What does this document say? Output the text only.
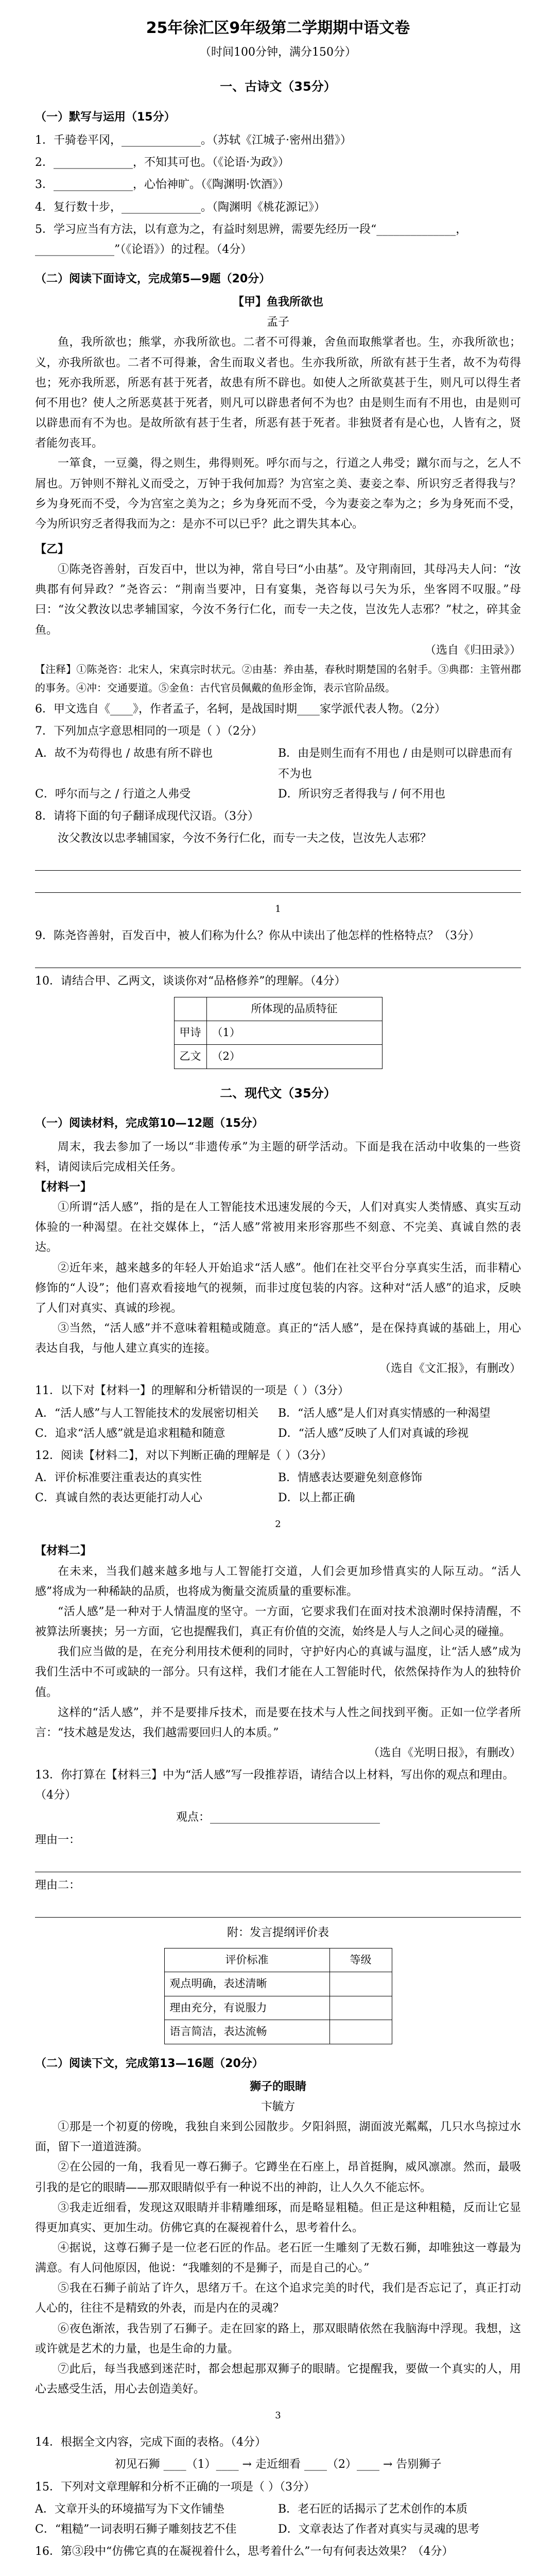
25年徐汇区9年级第二学期期中语文卷

（时间100分钟，满分150分）

一、古诗文（35分）

（一）默写与运用（15分）

1．千骑卷平冈，______________。（苏轼《江城子·密州出猎》）

2．______________，不知其可也。（《论语·为政》）

3．______________，心怡神旷。（《陶渊明·饮酒》）

4．复行数十步，______________。（陶渊明《桃花源记》）

5．学习应当有方法，以有意为之，有益时刻思辨，需要先经历一段“______________，______________”（《论语》）的过程。（4分）

（二）阅读下面诗文，完成第5—9题（20分）

【甲】鱼我所欲也

孟子

鱼，我所欲也；熊掌，亦我所欲也。二者不可得兼，舍鱼而取熊掌者也。生，亦我所欲也；义，亦我所欲也。二者不可得兼，舍生而取义者也。生亦我所欲，所欲有甚于生者，故不为苟得也；死亦我所恶，所恶有甚于死者，故患有所不辟也。如使人之所欲莫甚于生，则凡可以得生者何不用也？使人之所恶莫甚于死者，则凡可以辟患者何不为也？由是则生而有不用也，由是则可以辟患而有不为也。是故所欲有甚于生者，所恶有甚于死者。非独贤者有是心也，人皆有之，贤者能勿丧耳。

一箪食，一豆羹，得之则生，弗得则死。呼尔而与之，行道之人弗受；蹴尔而与之，乞人不屑也。万钟则不辩礼义而受之，万钟于我何加焉？为宫室之美、妻妾之奉、所识穷乏者得我与？乡为身死而不受，今为宫室之美为之；乡为身死而不受，今为妻妾之奉为之；乡为身死而不受，今为所识穷乏者得我而为之：是亦不可以已乎？此之谓失其本心。

【乙】

①陈尧咨善射，百发百中，世以为神，常自号曰“小由基”。及守荆南回，其母冯夫人问：“汝典郡有何异政？”尧咨云：“荆南当要冲，日有宴集，尧咨每以弓矢为乐，坐客罔不叹服。”母曰：“汝父教汝以忠孝辅国家，今汝不务行仁化，而专一夫之伎，岂汝先人志邪？”杖之，碎其金鱼。

（选自《归田录》）

【注释】①陈尧咨：北宋人，宋真宗时状元。②由基：养由基，春秋时期楚国的名射手。③典郡：主管州郡的事务。④冲：交通要道。⑤金鱼：古代官员佩戴的鱼形金饰，表示官阶品级。

6．甲文选自《____》，作者孟子，名轲，是战国时期____家学派代表人物。（2分）

7．下列加点字意思相同的一项是（ ）（2分）

A．故不为苟得也 / 故患有所不辟也	B．由是则生而有不用也 / 由是则可以辟患而有不为也
C．呼尔而与之 / 行道之人弗受	D．所识穷乏者得我与 / 何不用也

8．请将下面的句子翻译成现代汉语。（3分）

汝父教汝以忠孝辅国家，今汝不务行仁化，而专一夫之伎，岂汝先人志邪？

1

9．陈尧咨善射，百发百中，被人们称为什么？你从中读出了他怎样的性格特点？（3分）

10．请结合甲、乙两文，谈谈你对“品格修养”的理解。（4分）

	所体现的品质特征
甲诗	（1）
乙文	（2）
二、现代文（35分）

（一）阅读材料，完成第10—12题（15分）

周末，我去参加了一场以“非遗传承”为主题的研学活动。下面是我在活动中收集的一些资料，请阅读后完成相关任务。

【材料一】

①所谓“活人感”，指的是在人工智能技术迅速发展的今天，人们对真实人类情感、真实互动体验的一种渴望。在社交媒体上，“活人感”常被用来形容那些不刻意、不完美、真诚自然的表达。

②近年来，越来越多的年轻人开始追求“活人感”。他们在社交平台分享真实生活，而非精心修饰的“人设”；他们喜欢看接地气的视频，而非过度包装的内容。这种对“活人感”的追求，反映了人们对真实、真诚的珍视。

③当然，“活人感”并不意味着粗糙或随意。真正的“活人感”，是在保持真诚的基础上，用心表达自我，与他人建立真实的连接。

（选自《文汇报》，有删改）

11．以下对【材料一】的理解和分析错误的一项是（ ）（3分）

A．“活人感”与人工智能技术的发展密切相关	B．“活人感”是人们对真实情感的一种渴望
C．追求“活人感”就是追求粗糙和随意	D．“活人感”反映了人们对真诚的珍视

12．阅读【材料二】，对以下判断正确的理解是（ ）（3分）

A．评价标准要注重表达的真实性	B．情感表达要避免刻意修饰
C．真诚自然的表达更能打动人心	D．以上都正确
2

【材料二】

在未来，当我们越来越多地与人工智能打交道，人们会更加珍惜真实的人际互动。“活人感”将成为一种稀缺的品质，也将成为衡量交流质量的重要标准。

“活人感”是一种对于人情温度的坚守。一方面，它要求我们在面对技术浪潮时保持清醒，不被算法所裹挟；另一方面，它也提醒我们，真正有价值的交流，始终是人与人之间心灵的碰撞。

我们应当做的是，在充分利用技术便利的同时，守护好内心的真诚与温度，让“活人感”成为我们生活中不可或缺的一部分。只有这样，我们才能在人工智能时代，依然保持作为人的独特价值。

这样的“活人感”，并不是要排斥技术，而是要在技术与人性之间找到平衡。正如一位学者所言：“技术越是发达，我们越需要回归人的本质。”

（选自《光明日报》，有删改）

13．你打算在【材料三】中为“活人感”写一段推荐语，请结合以上材料，写出你的观点和理由。（4分）

观点：______________________________

理由一：

理由二：

附：发言提纲评价表

评价标准	等级
观点明确，表述清晰	
理由充分，有说服力	
语言简洁，表达流畅	

（二）阅读下文，完成第13—16题（20分）

狮子的眼睛

卞毓方

①那是一个初夏的傍晚，我独自来到公园散步。夕阳斜照，湖面波光粼粼，几只水鸟掠过水面，留下一道道涟漪。

②在公园的一角，我看见一尊石狮子。它蹲坐在石座上，昂首挺胸，威风凛凛。然而，最吸引我的是它的眼睛——那双眼睛似乎有一种说不出的神韵，让人久久不能忘怀。

③我走近细看，发现这双眼睛并非精雕细琢，而是略显粗糙。但正是这种粗糙，反而让它显得更加真实、更加生动。仿佛它真的在凝视着什么，思考着什么。

④据说，这尊石狮子是一位老石匠的作品。老石匠一生雕刻了无数石狮，却唯独这一尊最为满意。有人问他原因，他说：“我雕刻的不是狮子，而是自己的心。”

⑤我在石狮子前站了许久，思绪万千。在这个追求完美的时代，我们是否忘记了，真正打动人心的，往往不是精致的外表，而是内在的灵魂？

⑥夜色渐浓，我告别了石狮子。走在回家的路上，那双眼睛依然在我脑海中浮现。我想，这或许就是艺术的力量，也是生命的力量。

⑦此后，每当我感到迷茫时，都会想起那双狮子的眼睛。它提醒我，要做一个真实的人，用心去感受生活，用心去创造美好。

3

14．根据全文内容，完成下面的表格。（4分）

初见石狮 ____（1）____ → 走近细看 ____（2）____ → 告别狮子

15．下列对文章理解和分析不正确的一项是（ ）（3分）

A．文章开头的环境描写为下文作铺垫	B．老石匠的话揭示了艺术创作的本质
C．“粗糙”一词表明石狮子雕刻技艺不佳	D．文章表达了作者对真实与灵魂的思考

16．第③段中“仿佛它真的在凝视着什么，思考着什么”一句有何表达效果？（4分）
